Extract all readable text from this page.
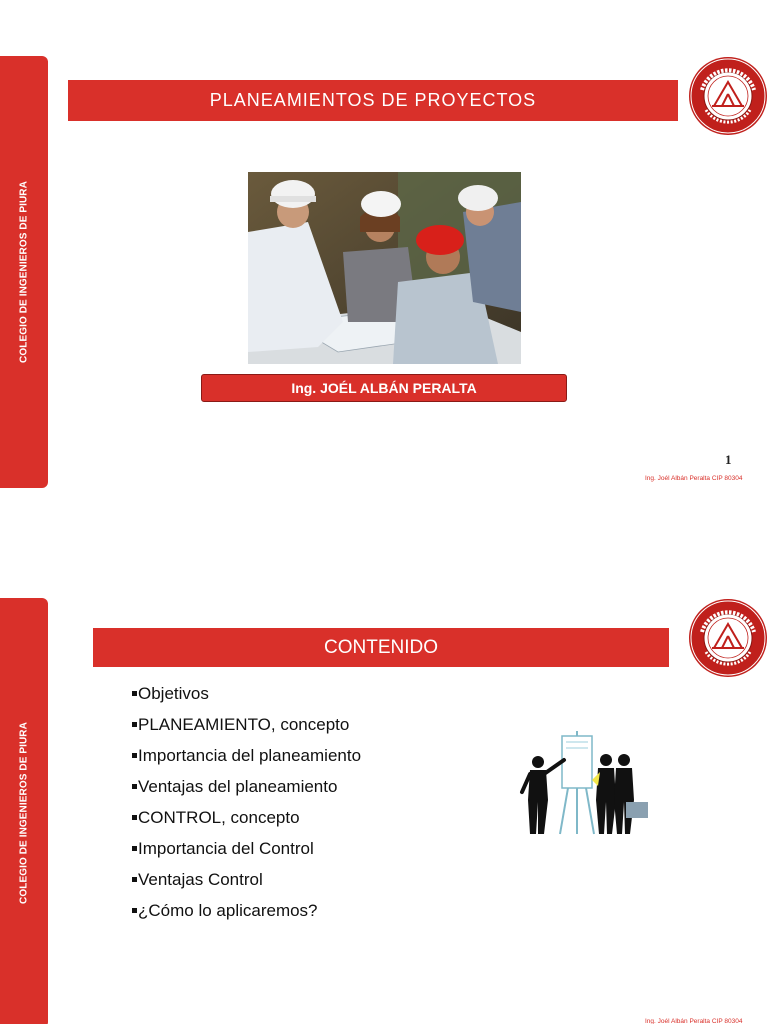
COLEGIO DE INGENIEROS DE PIURA
PLANEAMIENTOS DE PROYECTOS
Ing. JOÉL ALBÁN PERALTA
1
Ing. Joél Albán Peralta CIP 80304
COLEGIO DE INGENIEROS DE PIURA
CONTENIDO
Objetivos
PLANEAMIENTO, concepto
Importancia del planeamiento
Ventajas del planeamiento
CONTROL, concepto
Importancia del Control
Ventajas Control
¿Cómo lo aplicaremos?
Ing. Joél Albán Peralta CIP 80304
